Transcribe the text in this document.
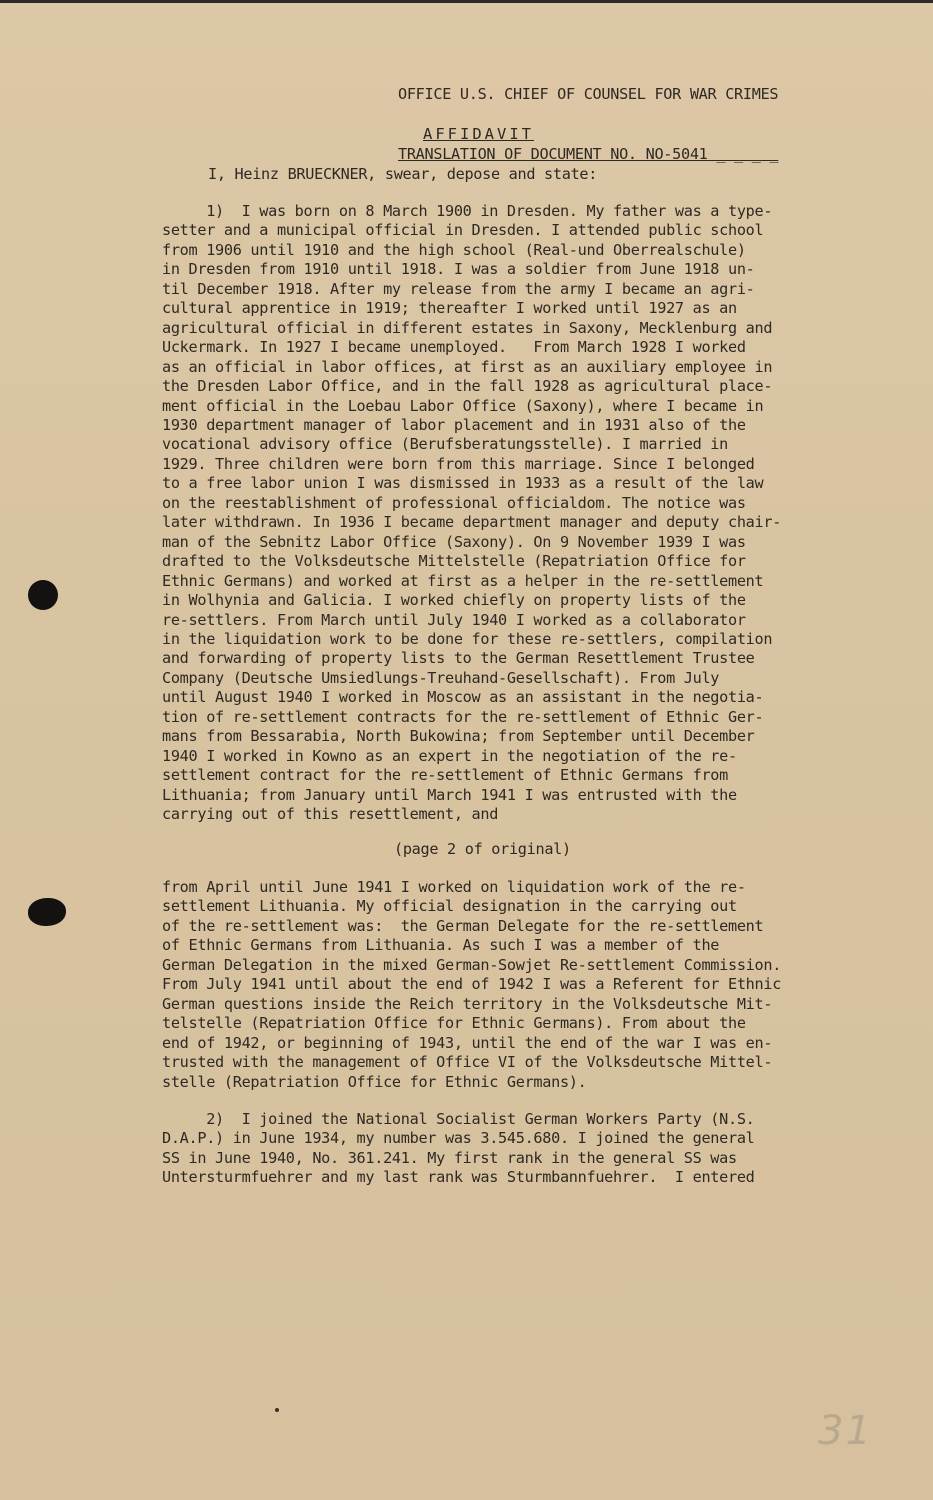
OFFICE U.S. CHIEF OF COUNSEL FOR WAR CRIMES

TRANSLATION OF DOCUMENT NO. NO-5041 _ _ _ _

AFFIDAVIT
I, Heinz BRUECKNER, swear, depose and state:
1)  I was born on 8 March 1900 in Dresden. My father was a type-
setter and a municipal official in Dresden. I attended public school
from 1906 until 1910 and the high school (Real-und Oberrealschule)
in Dresden from 1910 until 1918. I was a soldier from June 1918 un-
til December 1918. After my release from the army I became an agri-
cultural apprentice in 1919; thereafter I worked until 1927 as an
agricultural official in different estates in Saxony, Mecklenburg and
Uckermark. In 1927 I became unemployed.   From March 1928 I worked
as an official in labor offices, at first as an auxiliary employee in
the Dresden Labor Office, and in the fall 1928 as agricultural place-
ment official in the Loebau Labor Office (Saxony), where I became in
1930 department manager of labor placement and in 1931 also of the
vocational advisory office (Berufsberatungsstelle). I married in
1929. Three children were born from this marriage. Since I belonged
to a free labor union I was dismissed in 1933 as a result of the law
on the reestablishment of professional officialdom. The notice was
later withdrawn. In 1936 I became department manager and deputy chair-
man of the Sebnitz Labor Office (Saxony). On 9 November 1939 I was
drafted to the Volksdeutsche Mittelstelle (Repatriation Office for
Ethnic Germans) and worked at first as a helper in the re-settlement
in Wolhynia and Galicia. I worked chiefly on property lists of the
re-settlers. From March until July 1940 I worked as a collaborator
in the liquidation work to be done for these re-settlers, compilation
and forwarding of property lists to the German Resettlement Trustee
Company (Deutsche Umsiedlungs-Treuhand-Gesellschaft). From July
until August 1940 I worked in Moscow as an assistant in the negotia-
tion of re-settlement contracts for the re-settlement of Ethnic Ger-
mans from Bessarabia, North Bukowina; from September until December
1940 I worked in Kowno as an expert in the negotiation of the re-
settlement contract for the re-settlement of Ethnic Germans from
Lithuania; from January until March 1941 I was entrusted with the
carrying out of this resettlement, and
(page 2 of original)
from April until June 1941 I worked on liquidation work of the re-
settlement Lithuania. My official designation in the carrying out
of the re-settlement was:  the German Delegate for the re-settlement
of Ethnic Germans from Lithuania. As such I was a member of the
German Delegation in the mixed German-Sowjet Re-settlement Commission.
From July 1941 until about the end of 1942 I was a Referent for Ethnic
German questions inside the Reich territory in the Volksdeutsche Mit-
telstelle (Repatriation Office for Ethnic Germans). From about the
end of 1942, or beginning of 1943, until the end of the war I was en-
trusted with the management of Office VI of the Volksdeutsche Mittel-
stelle (Repatriation Office for Ethnic Germans).
2)  I joined the National Socialist German Workers Party (N.S.
D.A.P.) in June 1934, my number was 3.545.680. I joined the general
SS in June 1940, No. 361.241. My first rank in the general SS was
Untersturmfuehrer and my last rank was Sturmbannfuehrer.  I entered
31
